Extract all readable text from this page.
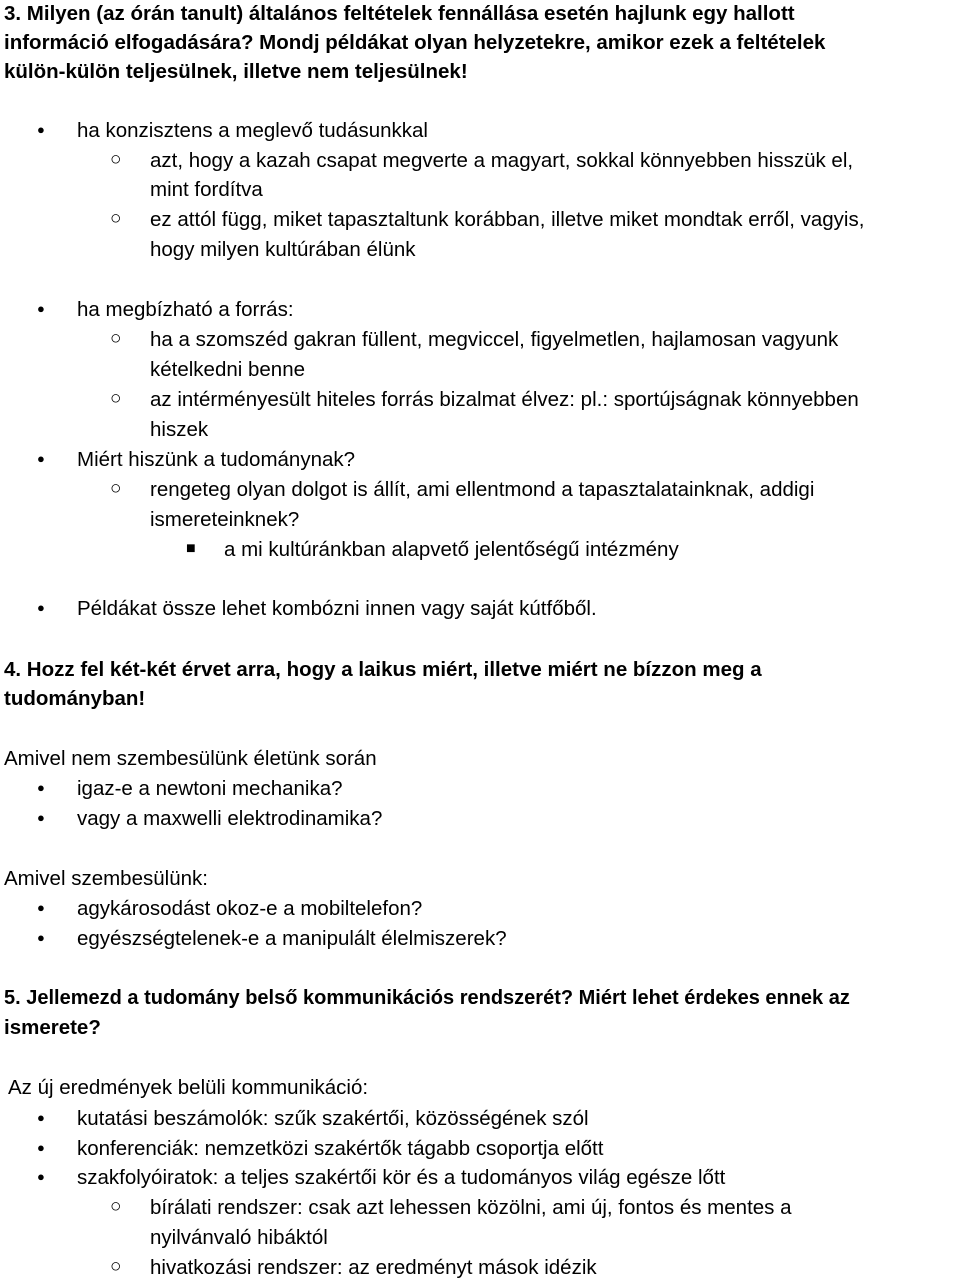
3. Milyen (az órán tanult) általános feltételek fennállása esetén hajlunk egy hallott
információ elfogadására? Mondj példákat olyan helyzetekre, amikor ezek a feltételek
külön-külön teljesülnek, illetve nem teljesülnek!
● ha konzisztens a meglevő tudásunkkal
○ azt, hogy a kazah csapat megverte a magyart, sokkal könnyebben hisszük el,
mint fordítva
○ ez attól függ, miket tapasztaltunk korábban, illetve miket mondtak erről, vagyis,
hogy milyen kultúrában élünk
● ha megbízható a forrás:
○ ha a szomszéd gakran füllent, megviccel, figyelmetlen, hajlamosan vagyunk
kételkedni benne
○ az intérményesült hiteles forrás bizalmat élvez: pl.: sportújságnak könnyebben
hiszek
● Miért hiszünk a tudománynak?
○ rengeteg olyan dolgot is állít, ami ellentmond a tapasztalatainknak, addigi
ismereteinknek?
■ a mi kultúránkban alapvető jelentőségű intézmény
● Példákat össze lehet kombózni innen vagy saját kútfőből.
4. Hozz fel két-két érvet arra, hogy a laikus miért, illetve miért ne bízzon meg a
tudományban!
Amivel nem szembesülünk életünk során
● igaz-e a newtoni mechanika?
● vagy a maxwelli elektrodinamika?
Amivel szembesülünk:
● agykárosodást okoz-e a mobiltelefon?
● egyészségtelenek-e a manipulált élelmiszerek?
5. Jellemezd a tudomány belső kommunikációs rendszerét? Miért lehet érdekes ennek az
ismerete?
Az új eredmények belüli kommunikáció:
● kutatási beszámolók: szűk szakértői, közösségének szól
● konferenciák: nemzetközi szakértők tágabb csoportja előtt
● szakfolyóiratok: a teljes szakértői kör és a tudományos világ egésze lőtt
○ bírálati rendszer: csak azt lehessen közölni, ami új, fontos és mentes a
nyilvánvaló hibáktól
○ hivatkozási rendszer: az eredményt mások idézik
